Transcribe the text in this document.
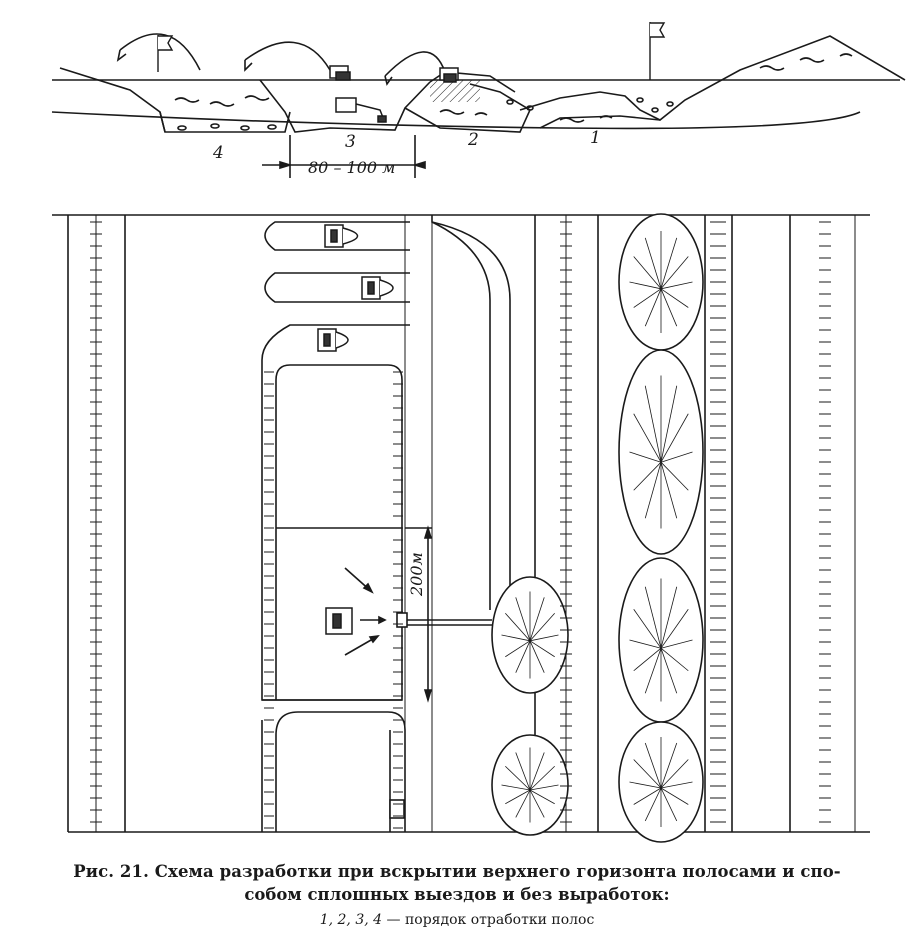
4
3	2	1
80 – 100 м
200м
Рис. 21. Схема разработки при вскрытии верхнего горизонта полосами и спо-
собом сплошных выездов и без выработок:
1, 2, 3, 4 — порядок отработки полос
